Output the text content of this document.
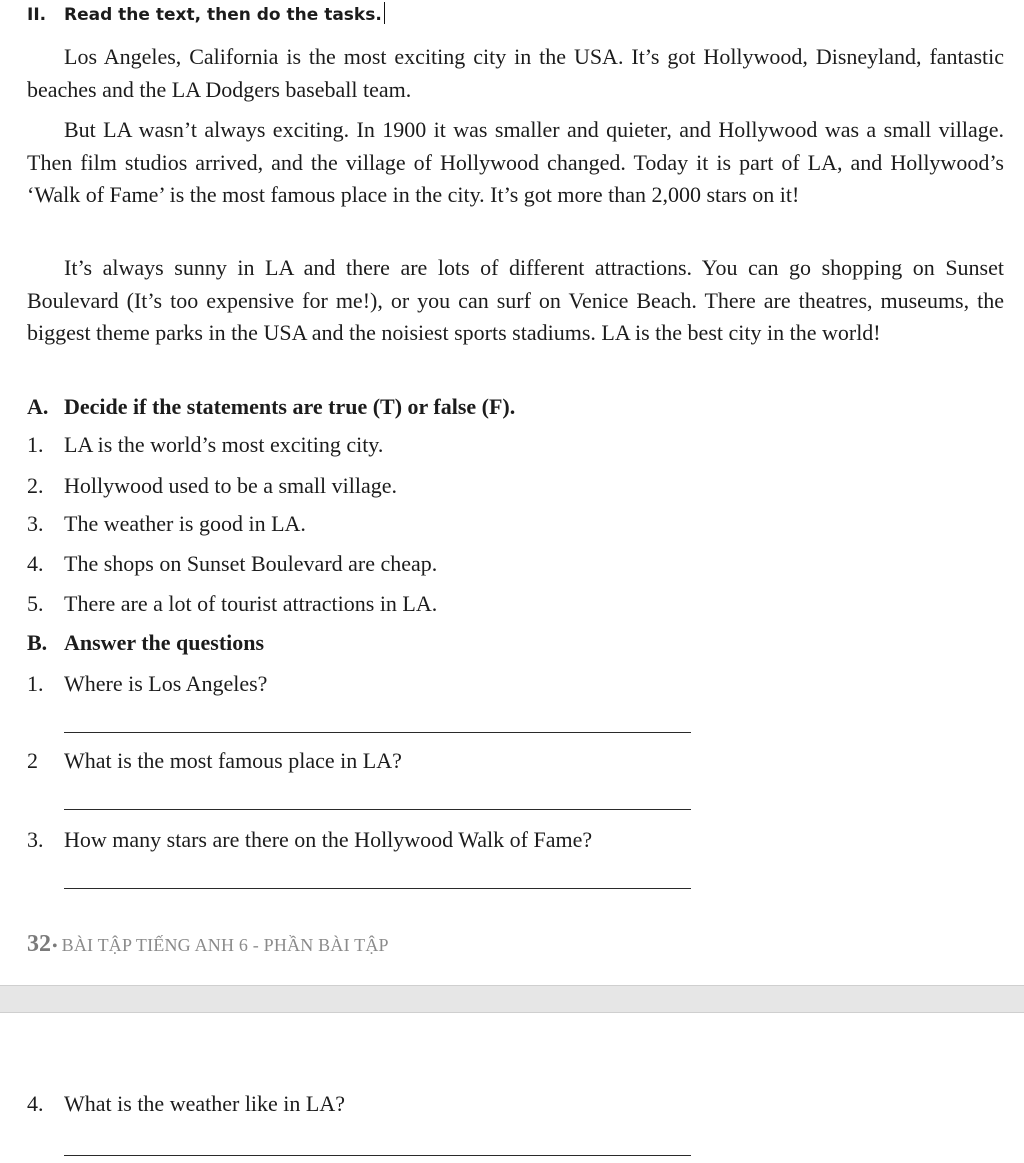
II. Read the text, then do the tasks.

Los Angeles, California is the most exciting city in the USA. It’s got Hollywood, Disneyland, fantastic beaches and the LA Dodgers baseball team.

But LA wasn’t always exciting. In 1900 it was smaller and quieter, and Hollywood was a small village. Then film studios arrived, and the village of Hollywood changed. Today it is part of LA, and Hollywood’s ‘Walk of Fame’ is the most famous place in the city. It’s got more than 2,000 stars on it!

It’s always sunny in LA and there are lots of different attractions. You can go shopping on Sunset Boulevard (It’s too expensive for me!), or you can surf on Venice Beach. There are theatres, museums, the biggest theme parks in the USA and the noisiest sports stadiums. LA is the best city in the world!

A. Decide if the statements are true (T) or false (F).
1. LA is the world’s most exciting city.
2. Hollywood used to be a small village.
3. The weather is good in LA.
4. The shops on Sunset Boulevard are cheap.
5. There are a lot of tourist attractions in LA.
B. Answer the questions
1. Where is Los Angeles?
2 What is the most famous place in LA?
3. How many stars are there on the Hollywood Walk of Fame?
32• BÀI TẬP TIẾNG ANH 6 - PHẦN BÀI TẬP
4. What is the weather like in LA?
